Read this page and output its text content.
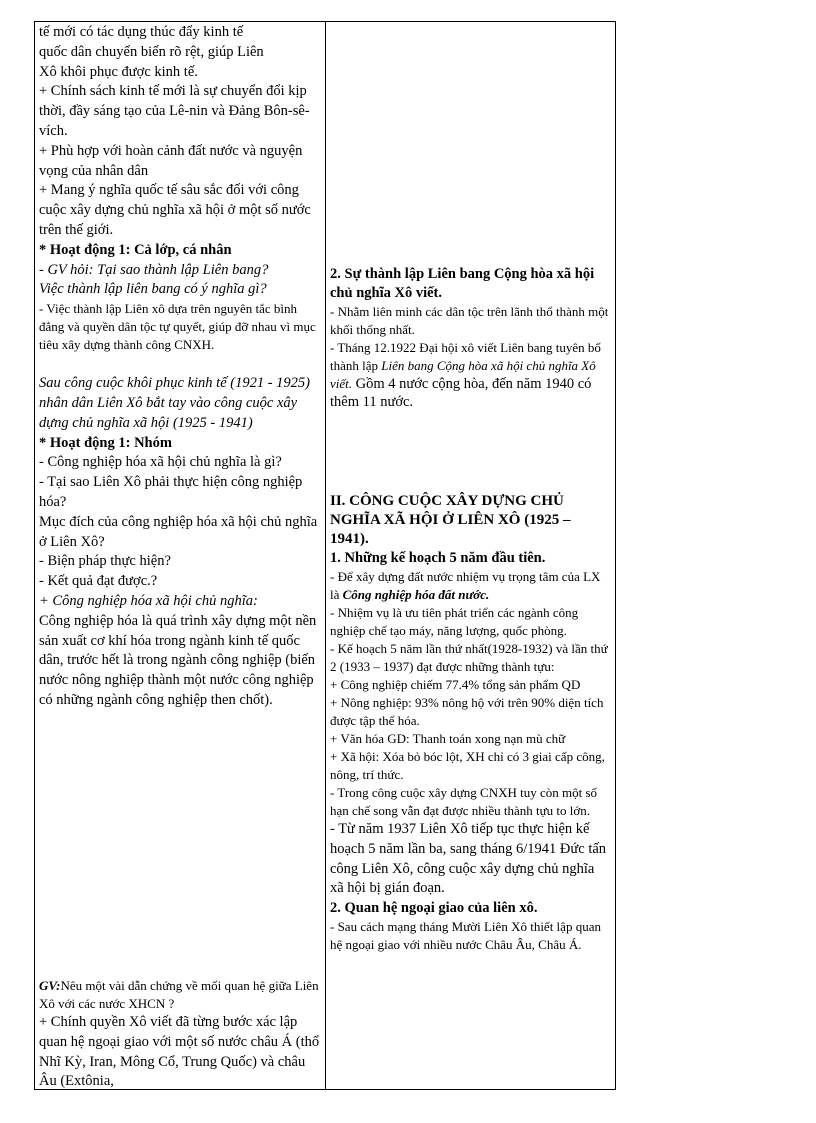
tế mới có tác dụng thúc đẩy kinh tế

quốc dân chuyển biến rõ rệt, giúp Liên

Xô khôi phục được kinh tế.

+ Chính sách kinh tế mới là sự chuyển đổi kịp thời, đầy sáng tạo của Lê-nin và Đảng Bôn-sê-vích.

+ Phù hợp với hoàn cảnh đất nước và nguyện vọng của nhân dân

+ Mang ý nghĩa quốc tế sâu sắc đối với công cuộc xây dựng chủ nghĩa xã hội ở một số nước trên thế giới.

* Hoạt động 1: Cả lớp, cá nhân

- GV hỏi: Tại sao thành lập Liên bang?

Việc thành lập liên bang có ý nghĩa gì?

- Việc thành lập Liên xô dựa trên nguyên tắc bình đẳng và quyền dân tộc tự quyết, giúp đỡ nhau vì mục tiêu xây dựng thành công CNXH.

Sau công cuộc khôi phục kinh tế (1921 - 1925) nhân dân Liên Xô bắt tay vào công cuộc xây dựng chủ nghĩa xã hội (1925 - 1941)

* Hoạt động 1: Nhóm

- Công nghiệp hóa xã hội chủ nghĩa là gì?

- Tại sao Liên Xô phải thực hiện công nghiệp hóa?

Mục đích của công nghiệp hóa xã hội chủ nghĩa ở Liên Xô?

- Biện pháp thực hiện?

- Kết quả đạt được.?

+ Công nghiệp hóa xã hội chủ nghĩa:

Công nghiệp hóa là quá trình xây dựng một nền sản xuất cơ khí hóa trong ngành kinh tế quốc dân, trước hết là trong ngành công nghiệp (biến nước nông nghiệp thành một nước công nghiệp có những ngành công nghiệp then chốt).

GV:Nêu một vài dẫn chứng về mối quan hệ giữa Liên Xô với các nước XHCN ?

+ Chính quyền Xô viết đã từng bước xác lập quan hệ ngoại giao với một số nước châu Á (thổ Nhĩ Kỳ, Iran, Mông Cổ, Trung Quốc) và châu Âu (Extônia,

2. Sự thành lập Liên bang Cộng hòa xã hội chủ nghĩa Xô viết.

- Nhằm liên minh các dân tộc trên lãnh thổ thành một khối thống nhất.

- Tháng 12.1922 Đại hội xô viết Liên bang tuyên bố thành lập Liên bang Cộng hòa xã hội chủ nghĩa Xô viết. Gồm 4 nước cộng hòa, đến năm 1940 có thêm 11 nước.

II. CÔNG CUỘC XÂY DỰNG CHỦ NGHĨA XÃ HỘI Ở LIÊN XÔ (1925 – 1941).

1. Những kế hoạch 5 năm đầu tiên.

- Để xây dựng đất nước nhiệm vụ trọng tâm của LX là Công nghiệp hóa đất nước.

- Nhiệm vụ là ưu tiên phát triển các ngành công nghiệp chế tạo máy, năng lượng, quốc phòng.

- Kế hoạch 5 năm lần thứ nhất(1928-1932) và lần thứ 2 (1933 – 1937) đạt được những thành tựu:

+ Công nghiệp chiếm 77.4% tổng sản phẩm QD

+ Nông nghiệp: 93% nông hộ với trên 90% diện tích được tập thể hóa.

+ Văn hóa GD: Thanh toán xong nạn mù chữ

+ Xã hội: Xóa bỏ bóc lột, XH chỉ có 3 giai cấp công, nông, trí thức.

- Trong công cuộc xây dựng CNXH tuy còn một số hạn chế song vẫn đạt được nhiều thành tựu to lớn.

- Từ năm 1937 Liên Xô tiếp tục thực hiện kế hoạch 5 năm lần ba, sang tháng 6/1941 Đức tấn công Liên Xô, công cuộc xây dựng chủ nghĩa xã hội bị gián đoạn.

2. Quan hệ ngoại giao của liên xô.

- Sau cách mạng tháng Mười Liên Xô thiết lập quan hệ ngoại giao với nhiều nước Châu Âu, Châu Á.
